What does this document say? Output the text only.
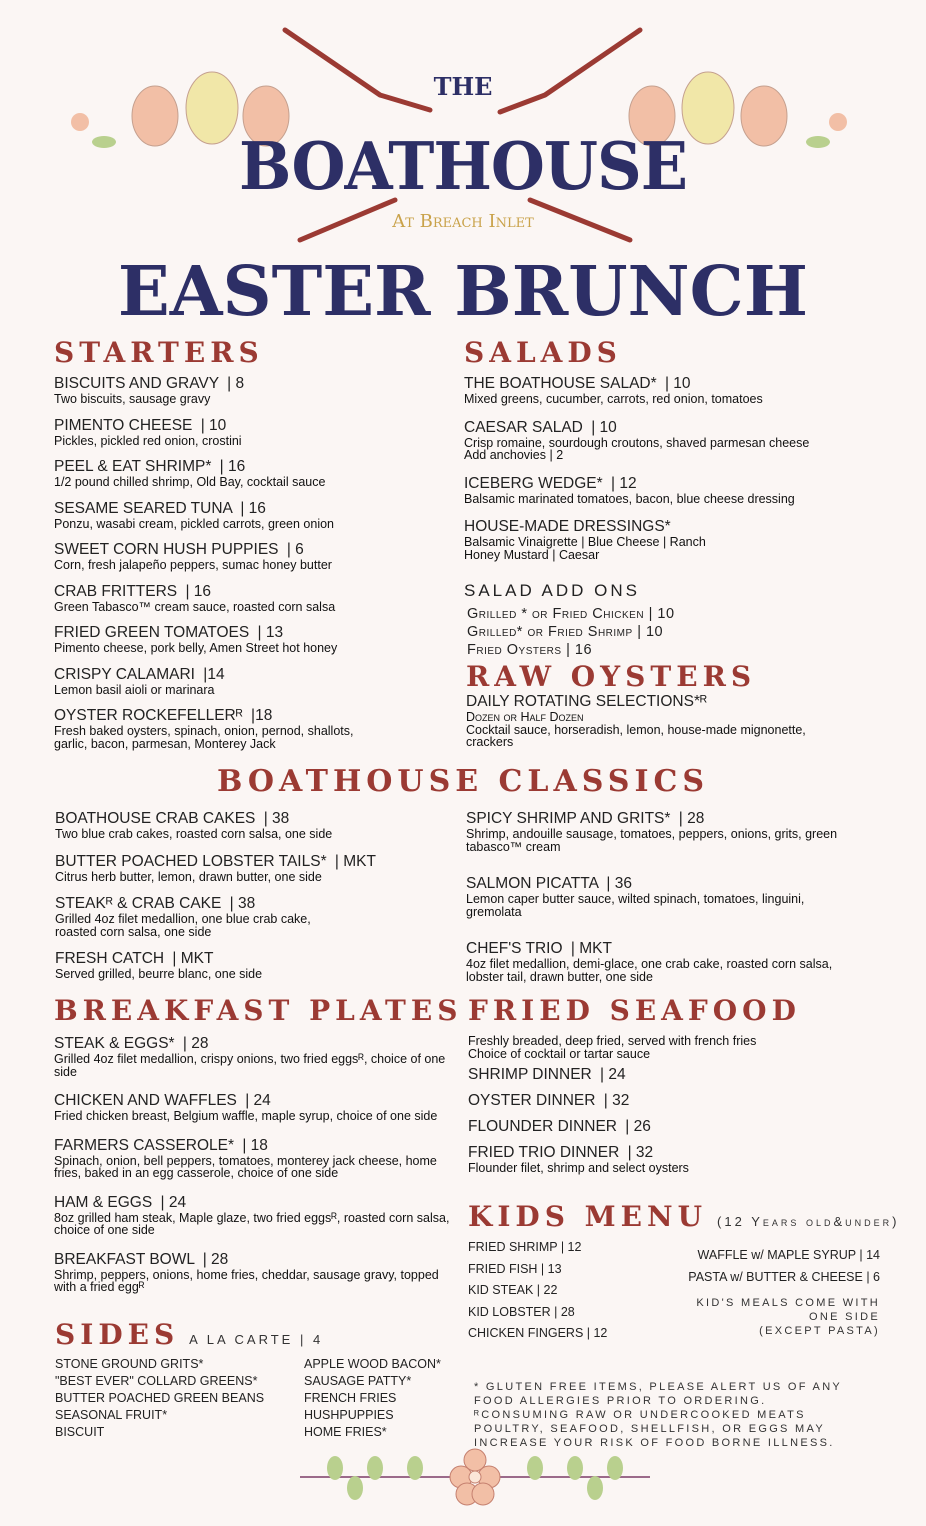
THE
BOATHOUSE
At Breach Inlet
EASTER BRUNCH
STARTERS
BISCUITS AND GRAVY | 8
Two biscuits, sausage gravy
PIMENTO CHEESE | 10
Pickles, pickled red onion, crostini
PEEL & EAT SHRIMP* | 16
1/2 pound chilled shrimp, Old Bay, cocktail sauce
SESAME SEARED TUNA | 16
Ponzu, wasabi cream, pickled carrots, green onion
SWEET CORN HUSH PUPPIES | 6
Corn, fresh jalapeño peppers, sumac honey butter
CRAB FRITTERS | 16
Green Tabasco™ cream sauce, roasted corn salsa
FRIED GREEN TOMATOES | 13
Pimento cheese, pork belly, Amen Street hot honey
CRISPY CALAMARI |14
Lemon basil aioli or marinara
OYSTER ROCKEFELLERᴿ |18
Fresh baked oysters, spinach, onion, pernod, shallots, garlic, bacon, parmesan, Monterey Jack
SALADS
THE BOATHOUSE SALAD* | 10
Mixed greens, cucumber, carrots, red onion, tomatoes
CAESAR SALAD | 10
Crisp romaine, sourdough croutons, shaved parmesan cheese
Add anchovies | 2
ICEBERG WEDGE* | 12
Balsamic marinated tomatoes, bacon, blue cheese dressing
HOUSE-MADE DRESSINGS*
Balsamic Vinaigrette | Blue Cheese | Ranch
Honey Mustard | Caesar
SALAD ADD ONS
Grilled * or Fried Chicken | 10
Grilled* or Fried Shrimp | 10
Fried Oysters | 16
RAW OYSTERS
DAILY ROTATING SELECTIONS*ᴿ
Dozen or Half Dozen
Cocktail sauce, horseradish, lemon, house-made mignonette, crackers
BOATHOUSE CLASSICS
BOATHOUSE CRAB CAKES | 38
Two blue crab cakes, roasted corn salsa, one side
BUTTER POACHED LOBSTER TAILS* | MKT
Citrus herb butter, lemon, drawn butter, one side
STEAKᴿ & CRAB CAKE | 38
Grilled 4oz filet medallion, one blue crab cake, roasted corn salsa, one side
FRESH CATCH | MKT
Served grilled, beurre blanc, one side
SPICY SHRIMP AND GRITS* | 28
Shrimp, andouille sausage, tomatoes, peppers, onions, grits, green tabasco™ cream
SALMON PICATTA | 36
Lemon caper butter sauce, wilted spinach, tomatoes, linguini, gremolata
CHEF'S TRIO | MKT
4oz filet medallion, demi-glace, one crab cake, roasted corn salsa, lobster tail, drawn butter, one side
BREAKFAST PLATES
STEAK & EGGS* | 28
Grilled 4oz filet medallion, crispy onions, two fried eggsᴿ, choice of one side
CHICKEN AND WAFFLES | 24
Fried chicken breast, Belgium waffle, maple syrup, choice of one side
FARMERS CASSEROLE* | 18
Spinach, onion, bell peppers, tomatoes, monterey jack cheese, home fries, baked in an egg casserole, choice of one side
HAM & EGGS | 24
8oz grilled ham steak, Maple glaze, two fried eggsᴿ, roasted corn salsa, choice of one side
BREAKFAST BOWL | 28
Shrimp, peppers, onions, home fries, cheddar, sausage gravy, topped with a fried eggᴿ
FRIED SEAFOOD
Freshly breaded, deep fried, served with french fries
Choice of cocktail or tartar sauce
SHRIMP DINNER | 24
OYSTER DINNER | 32
FLOUNDER DINNER | 26
FRIED TRIO DINNER | 32
Flounder filet, shrimp and select oysters
KIDS MENU (12 Years old&under)
FRIED SHRIMP | 12
FRIED FISH | 13
KID STEAK | 22
KID LOBSTER | 28
CHICKEN FINGERS | 12
WAFFLE w/ MAPLE SYRUP | 14
PASTA w/ BUTTER & CHEESE | 6
KID'S MEALS COME WITH
ONE SIDE
(EXCEPT PASTA)
SIDES A LA CARTE | 4
STONE GROUND GRITS*
"BEST EVER" COLLARD GREENS*
BUTTER POACHED GREEN BEANS
SEASONAL FRUIT*
BISCUIT
APPLE WOOD BACON*
SAUSAGE PATTY*
FRENCH FRIES
HUSHPUPPIES
HOME FRIES*
* GLUTEN FREE ITEMS, PLEASE ALERT US OF ANY FOOD ALLERGIES PRIOR TO ORDERING. ᴿCONSUMING RAW OR UNDERCOOKED MEATS POULTRY, SEAFOOD, SHELLFISH, OR EGGS MAY INCREASE YOUR RISK OF FOOD BORNE ILLNESS.
